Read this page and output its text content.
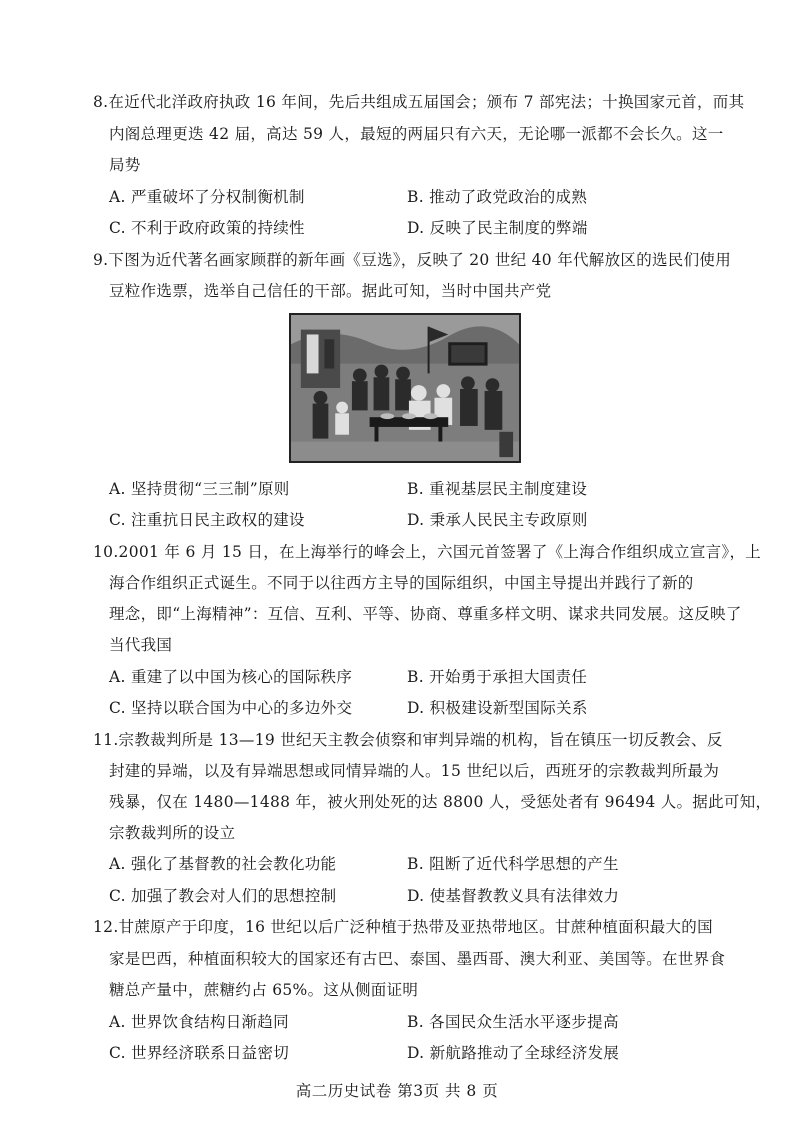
8.在近代北洋政府执政 16 年间，先后共组成五届国会；颁布 7 部宪法；十换国家元首，而其
内阁总理更迭 42 届，高达 59 人，最短的两届只有六天，无论哪一派都不会长久。这一
局势
A. 严重破坏了分权制衡机制	B. 推动了政党政治的成熟
C. 不利于政府政策的持续性	D. 反映了民主制度的弊端
9.下图为近代著名画家顾群的新年画《豆选》，反映了 20 世纪 40 年代解放区的选民们使用
豆粒作选票，选举自己信任的干部。据此可知，当时中国共产党
A. 坚持贯彻“三三制”原则	B. 重视基层民主制度建设
C. 注重抗日民主政权的建设	D. 秉承人民民主专政原则
10.2001 年 6 月 15 日，在上海举行的峰会上，六国元首签署了《上海合作组织成立宣言》，上
海合作组织正式诞生。不同于以往西方主导的国际组织，中国主导提出并践行了新的
理念，即“上海精神”：互信、互利、平等、协商、尊重多样文明、谋求共同发展。这反映了
当代我国
A. 重建了以中国为核心的国际秩序	B. 开始勇于承担大国责任
C. 坚持以联合国为中心的多边外交	D. 积极建设新型国际关系
11.宗教裁判所是 13—19 世纪天主教会侦察和审判异端的机构，旨在镇压一切反教会、反
封建的异端，以及有异端思想或同情异端的人。15 世纪以后，西班牙的宗教裁判所最为
残暴，仅在 1480—1488 年，被火刑处死的达 8800 人，受惩处者有 96494 人。据此可知，
宗教裁判所的设立
A. 强化了基督教的社会教化功能	B. 阻断了近代科学思想的产生
C. 加强了教会对人们的思想控制	D. 使基督教教义具有法律效力
12.甘蔗原产于印度，16 世纪以后广泛种植于热带及亚热带地区。甘蔗种植面积最大的国
家是巴西，种植面积较大的国家还有古巴、泰国、墨西哥、澳大利亚、美国等。在世界食
糖总产量中，蔗糖约占 65%。这从侧面证明
A. 世界饮食结构日渐趋同	B. 各国民众生活水平逐步提高
C. 世界经济联系日益密切	D. 新航路推动了全球经济发展
高二历史试卷 第3页 共 8 页
